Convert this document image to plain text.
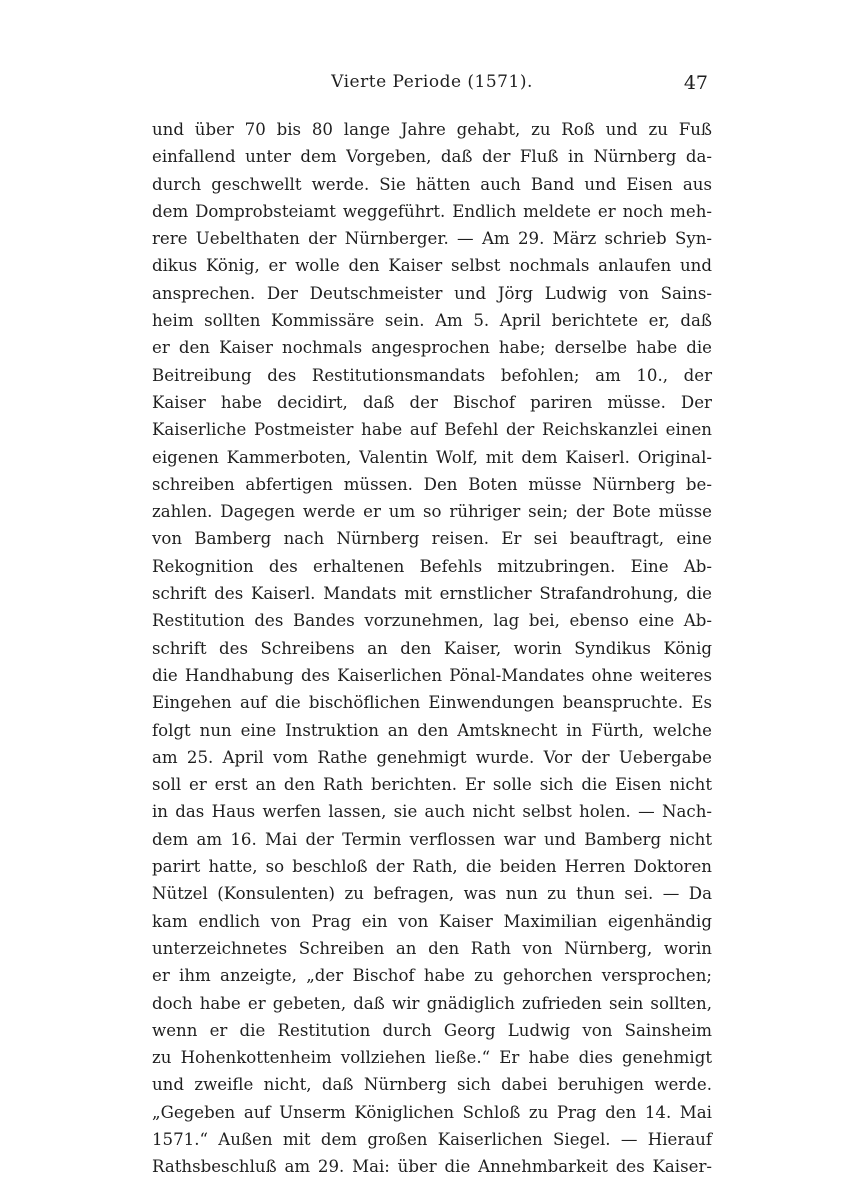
Vierte Periode (1571).	47
und über 70 bis 80 lange Jahre gehabt, zu Roß und zu Fuß
einfallend unter dem Vorgeben, daß der Fluß in Nürnberg da-
durch geschwellt werde. Sie hätten auch Band und Eisen aus
dem Domprobsteiamt weggeführt. Endlich meldete er noch meh-
rere Uebelthaten der Nürnberger. — Am 29. März schrieb Syn-
dikus König, er wolle den Kaiser selbst nochmals anlaufen und
ansprechen. Der Deutschmeister und Jörg Ludwig von Sains-
heim sollten Kommissäre sein. Am 5. April berichtete er, daß
er den Kaiser nochmals angesprochen habe; derselbe habe die
Beitreibung des Restitutionsmandats befohlen; am 10., der
Kaiser habe decidirt, daß der Bischof pariren müsse. Der
Kaiserliche Postmeister habe auf Befehl der Reichskanzlei einen
eigenen Kammerboten, Valentin Wolf, mit dem Kaiserl. Original-
schreiben abfertigen müssen. Den Boten müsse Nürnberg be-
zahlen. Dagegen werde er um so rühriger sein; der Bote müsse
von Bamberg nach Nürnberg reisen. Er sei beauftragt, eine
Rekognition des erhaltenen Befehls mitzubringen. Eine Ab-
schrift des Kaiserl. Mandats mit ernstlicher Strafandrohung, die
Restitution des Bandes vorzunehmen, lag bei, ebenso eine Ab-
schrift des Schreibens an den Kaiser, worin Syndikus König
die Handhabung des Kaiserlichen Pönal-Mandates ohne weiteres
Eingehen auf die bischöflichen Einwendungen beanspruchte. Es
folgt nun eine Instruktion an den Amtsknecht in Fürth, welche
am 25. April vom Rathe genehmigt wurde. Vor der Uebergabe
soll er erst an den Rath berichten. Er solle sich die Eisen nicht
in das Haus werfen lassen, sie auch nicht selbst holen. — Nach-
dem am 16. Mai der Termin verflossen war und Bamberg nicht
parirt hatte, so beschloß der Rath, die beiden Herren Doktoren
Nützel (Konsulenten) zu befragen, was nun zu thun sei. — Da
kam endlich von Prag ein von Kaiser Maximilian eigenhändig
unterzeichnetes Schreiben an den Rath von Nürnberg, worin
er ihm anzeigte, „der Bischof habe zu gehorchen versprochen;
doch habe er gebeten, daß wir gnädiglich zufrieden sein sollten,
wenn er die Restitution durch Georg Ludwig von Sainsheim
zu Hohenkottenheim vollziehen ließe.“ Er habe dies genehmigt
und zweifle nicht, daß Nürnberg sich dabei beruhigen werde.
„Gegeben auf Unserm Königlichen Schloß zu Prag den 14. Mai
1571.“ Außen mit dem großen Kaiserlichen Siegel. — Hierauf
Rathsbeschluß am 29. Mai: über die Annehmbarkeit des Kaiser-
